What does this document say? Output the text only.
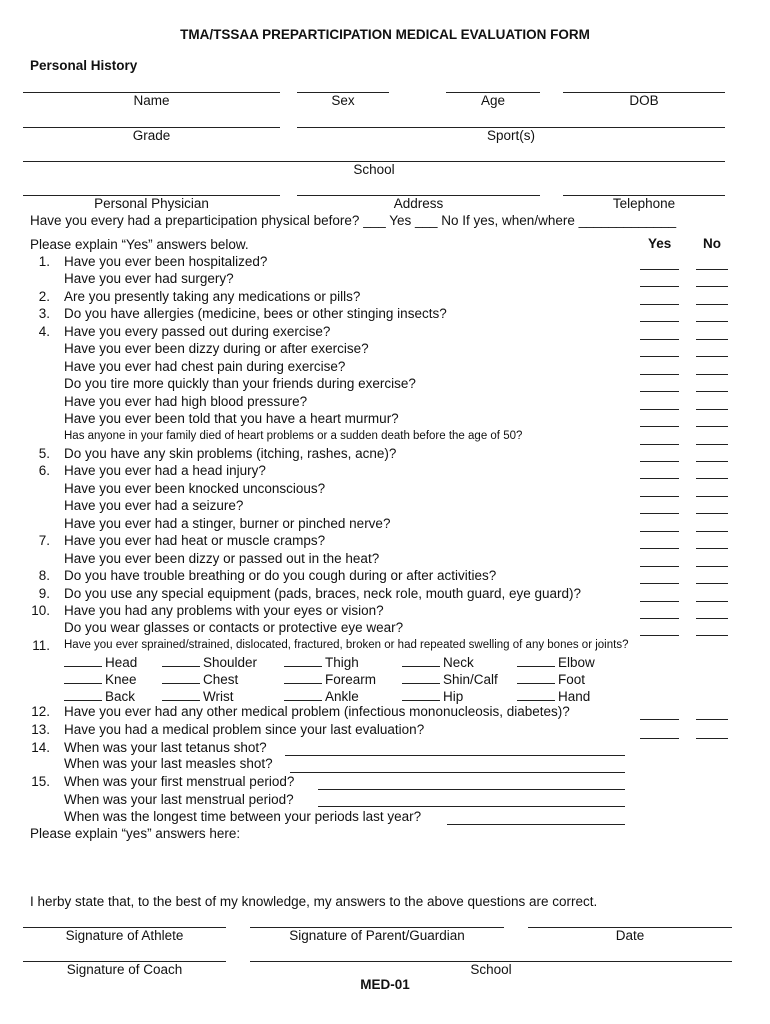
TMA/TSSAA PREPARTICIPATION MEDICAL EVALUATION FORM
Personal History
Name	Sex	Age	DOB
Grade	Sport(s)
School
Personal Physician	Address	Telephone
Have you every had a preparticipation physical before? ___ Yes ___ No If yes, when/where _____________
Please explain “Yes” answers below.	Yes No
1. Have you ever been hospitalized?
Have you ever had surgery?
2. Are you presently taking any medications or pills?
3. Do you have allergies (medicine, bees or other stinging insects?
4. Have you every passed out during exercise?
Have you ever been dizzy during or after exercise?
Have you ever had chest pain during exercise?
Do you tire more quickly than your friends during exercise?
Have you ever had high blood pressure?
Have you ever been told that you have a heart murmur?
Has anyone in your family died of heart problems or a sudden death before the age of 50?
5. Do you have any skin problems (itching, rashes, acne)?
6. Have you ever had a head injury?
Have you ever been knocked unconscious?
Have you ever had a seizure?
Have you ever had a stinger, burner or pinched nerve?
7. Have you ever had heat or muscle cramps?
Have you ever been dizzy or passed out in the heat?
8. Do you have trouble breathing or do you cough during or after activities?
9. Do you use any special equipment (pads, braces, neck role, mouth guard, eye guard)?
10. Have you had any problems with your eyes or vision?
Do you wear glasses or contacts or protective eye wear?
11. Have you ever sprained/strained, dislocated, fractured, broken or had repeated swelling of any bones or joints?
Head	Shoulder	Thigh	Neck	Elbow
Knee	Chest	Forearm	Shin/Calf	Foot
Back	Wrist	Ankle	Hip	Hand
12. Have you ever had any other medical problem (infectious mononucleosis, diabetes)?
13. Have you had a medical problem since your last evaluation?
14. When was your last tetanus shot?
When was your last measles shot?
15. When was your first menstrual period?
When was your last menstrual period?
When was the longest time between your periods last year?
Please explain “yes” answers here:
I herby state that, to the best of my knowledge, my answers to the above questions are correct.
Signature of Athlete	Signature of Parent/Guardian	Date
Signature of Coach	School
MED-01
